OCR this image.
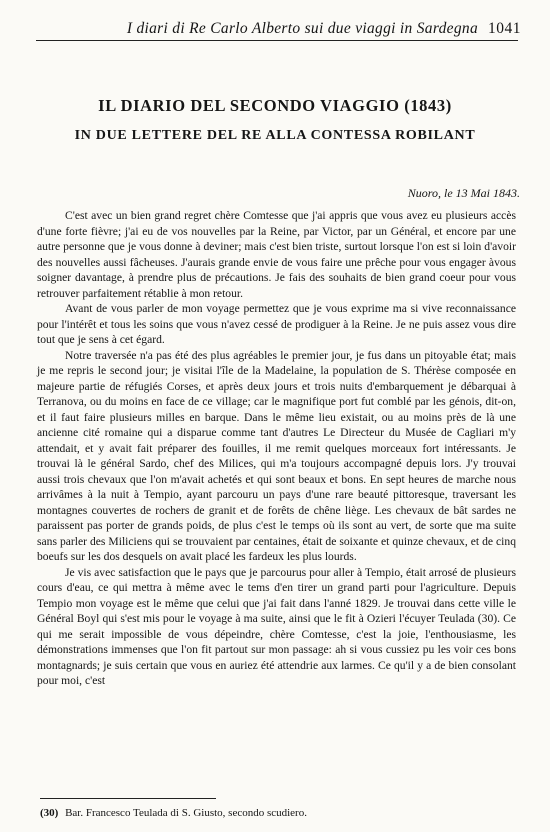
I diari di Re Carlo Alberto sui due viaggi in Sardegna 1041
IL DIARIO DEL SECONDO VIAGGIO (1843)
IN DUE LETTERE DEL RE ALLA CONTESSA ROBILANT
Nuoro, le 13 Mai 1843.

C'est avec un bien grand regret chère Comtesse que j'ai appris que vous avez eu plusieurs accès d'une forte fièvre; j'ai eu de vos nouvelles par la Reine, par Victor, par un Général, et encore par une autre personne que je vous donne à deviner; mais c'est bien triste, surtout lorsque l'on est si loin d'avoir des nouvelles aussi fâcheuses. J'aurais grande envie de vous faire une prêche pour vous engager àvous soigner davantage, à prendre plus de précautions. Je fais des souhaits de bien grand coeur pour vous retrouver parfaitement rétablie à mon retour.

Avant de vous parler de mon voyage permettez que je vous exprime ma si vive reconnaissance pour l'intérêt et tous les soins que vous n'avez cessé de prodiguer à la Reine. Je ne puis assez vous dire tout que je sens à cet égard.

Notre traversée n'a pas été des plus agréables le premier jour, je fus dans un pitoyable état; mais je me repris le second jour; je visitai l'île de la Madelaine, la population de S. Thérèse composée en majeure partie de réfugiés Corses, et après deux jours et trois nuits d'embarquement je débarquai à Terranova, ou du moins en face de ce village; car le magnifique port fut comblé par les génois, dit-on, et il faut faire plusieurs milles en barque. Dans le même lieu existait, ou au moins près de là une ancienne cité romaine qui a disparue comme tant d'autres Le Directeur du Musée de Cagliari m'y attendait, et y avait fait préparer des fouilles, il me remit quelques morceaux fort intéressants. Je trouvai là le général Sardo, chef des Milices, qui m'a toujours accompagné depuis lors. J'y trouvai aussi trois chevaux que l'on m'avait achetés et qui sont beaux et bons. En sept heures de marche nous arrivâmes à la nuit à Tempio, ayant parcouru un pays d'une rare beauté pittoresque, traversant les montagnes couvertes de rochers de granit et de forêts de chêne liège. Les chevaux de bât sardes ne paraissent pas porter de grands poids, de plus c'est le temps où ils sont au vert, de sorte que ma suite sans parler des Miliciens qui se trouvaient par centaines, était de soixante et quinze chevaux, et de cinq boeufs sur les dos desquels on avait placé les fardeux les plus lourds.

Je vis avec satisfaction que le pays que je parcourus pour aller à Tempio, était arrosé de plusieurs cours d'eau, ce qui mettra à même avec le tems d'en tirer un grand parti pour l'agriculture. Depuis Tempio mon voyage est le même que celui que j'ai fait dans l'anné 1829. Je trouvai dans cette ville le Général Boyl qui s'est mis pour le voyage à ma suite, ainsi que le fit à Ozieri l'écuyer Teulada (30). Ce qui me serait impossible de vous dépeindre, chère Comtesse, c'est la joie, l'enthousiasme, les démonstrations immenses que l'on fit partout sur mon passage: ah si vous cussiez pu les voir ces bons montagnards; je suis certain que vous en auriez été attendrie aux larmes. Ce qu'il y a de bien consolant pour moi, c'est

(30) Bar. Francesco Teulada di S. Giusto, secondo scudiero.
